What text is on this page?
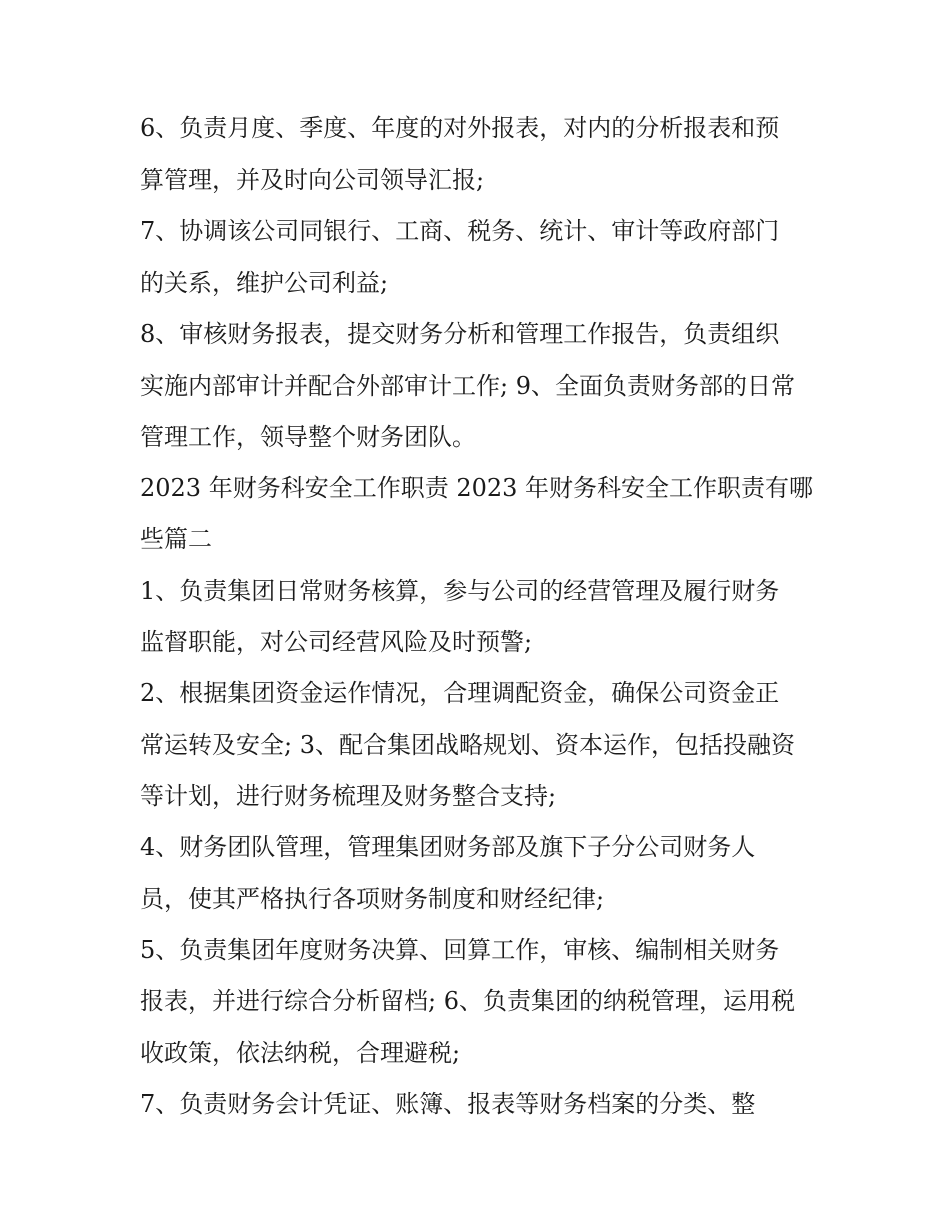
6、负责月度、季度、年度的对外报表，对内的分析报表和预
算管理，并及时向公司领导汇报;
7、协调该公司同银行、工商、税务、统计、审计等政府部门
的关系，维护公司利益;
8、审核财务报表，提交财务分析和管理工作报告，负责组织
实施内部审计并配合外部审计工作; 9、全面负责财务部的日常
管理工作，领导整个财务团队。
2023 年财务科安全工作职责 2023 年财务科安全工作职责有哪
些篇二
1、负责集团日常财务核算，参与公司的经营管理及履行财务
监督职能，对公司经营风险及时预警;
2、根据集团资金运作情况，合理调配资金，确保公司资金正
常运转及安全; 3、配合集团战略规划、资本运作，包括投融资
等计划，进行财务梳理及财务整合支持;
4、财务团队管理，管理集团财务部及旗下子分公司财务人
员，使其严格执行各项财务制度和财经纪律;
5、负责集团年度财务决算、回算工作，审核、编制相关财务
报表，并进行综合分析留档; 6、负责集团的纳税管理，运用税
收政策，依法纳税，合理避税;
7、负责财务会计凭证、账簿、报表等财务档案的分类、整
